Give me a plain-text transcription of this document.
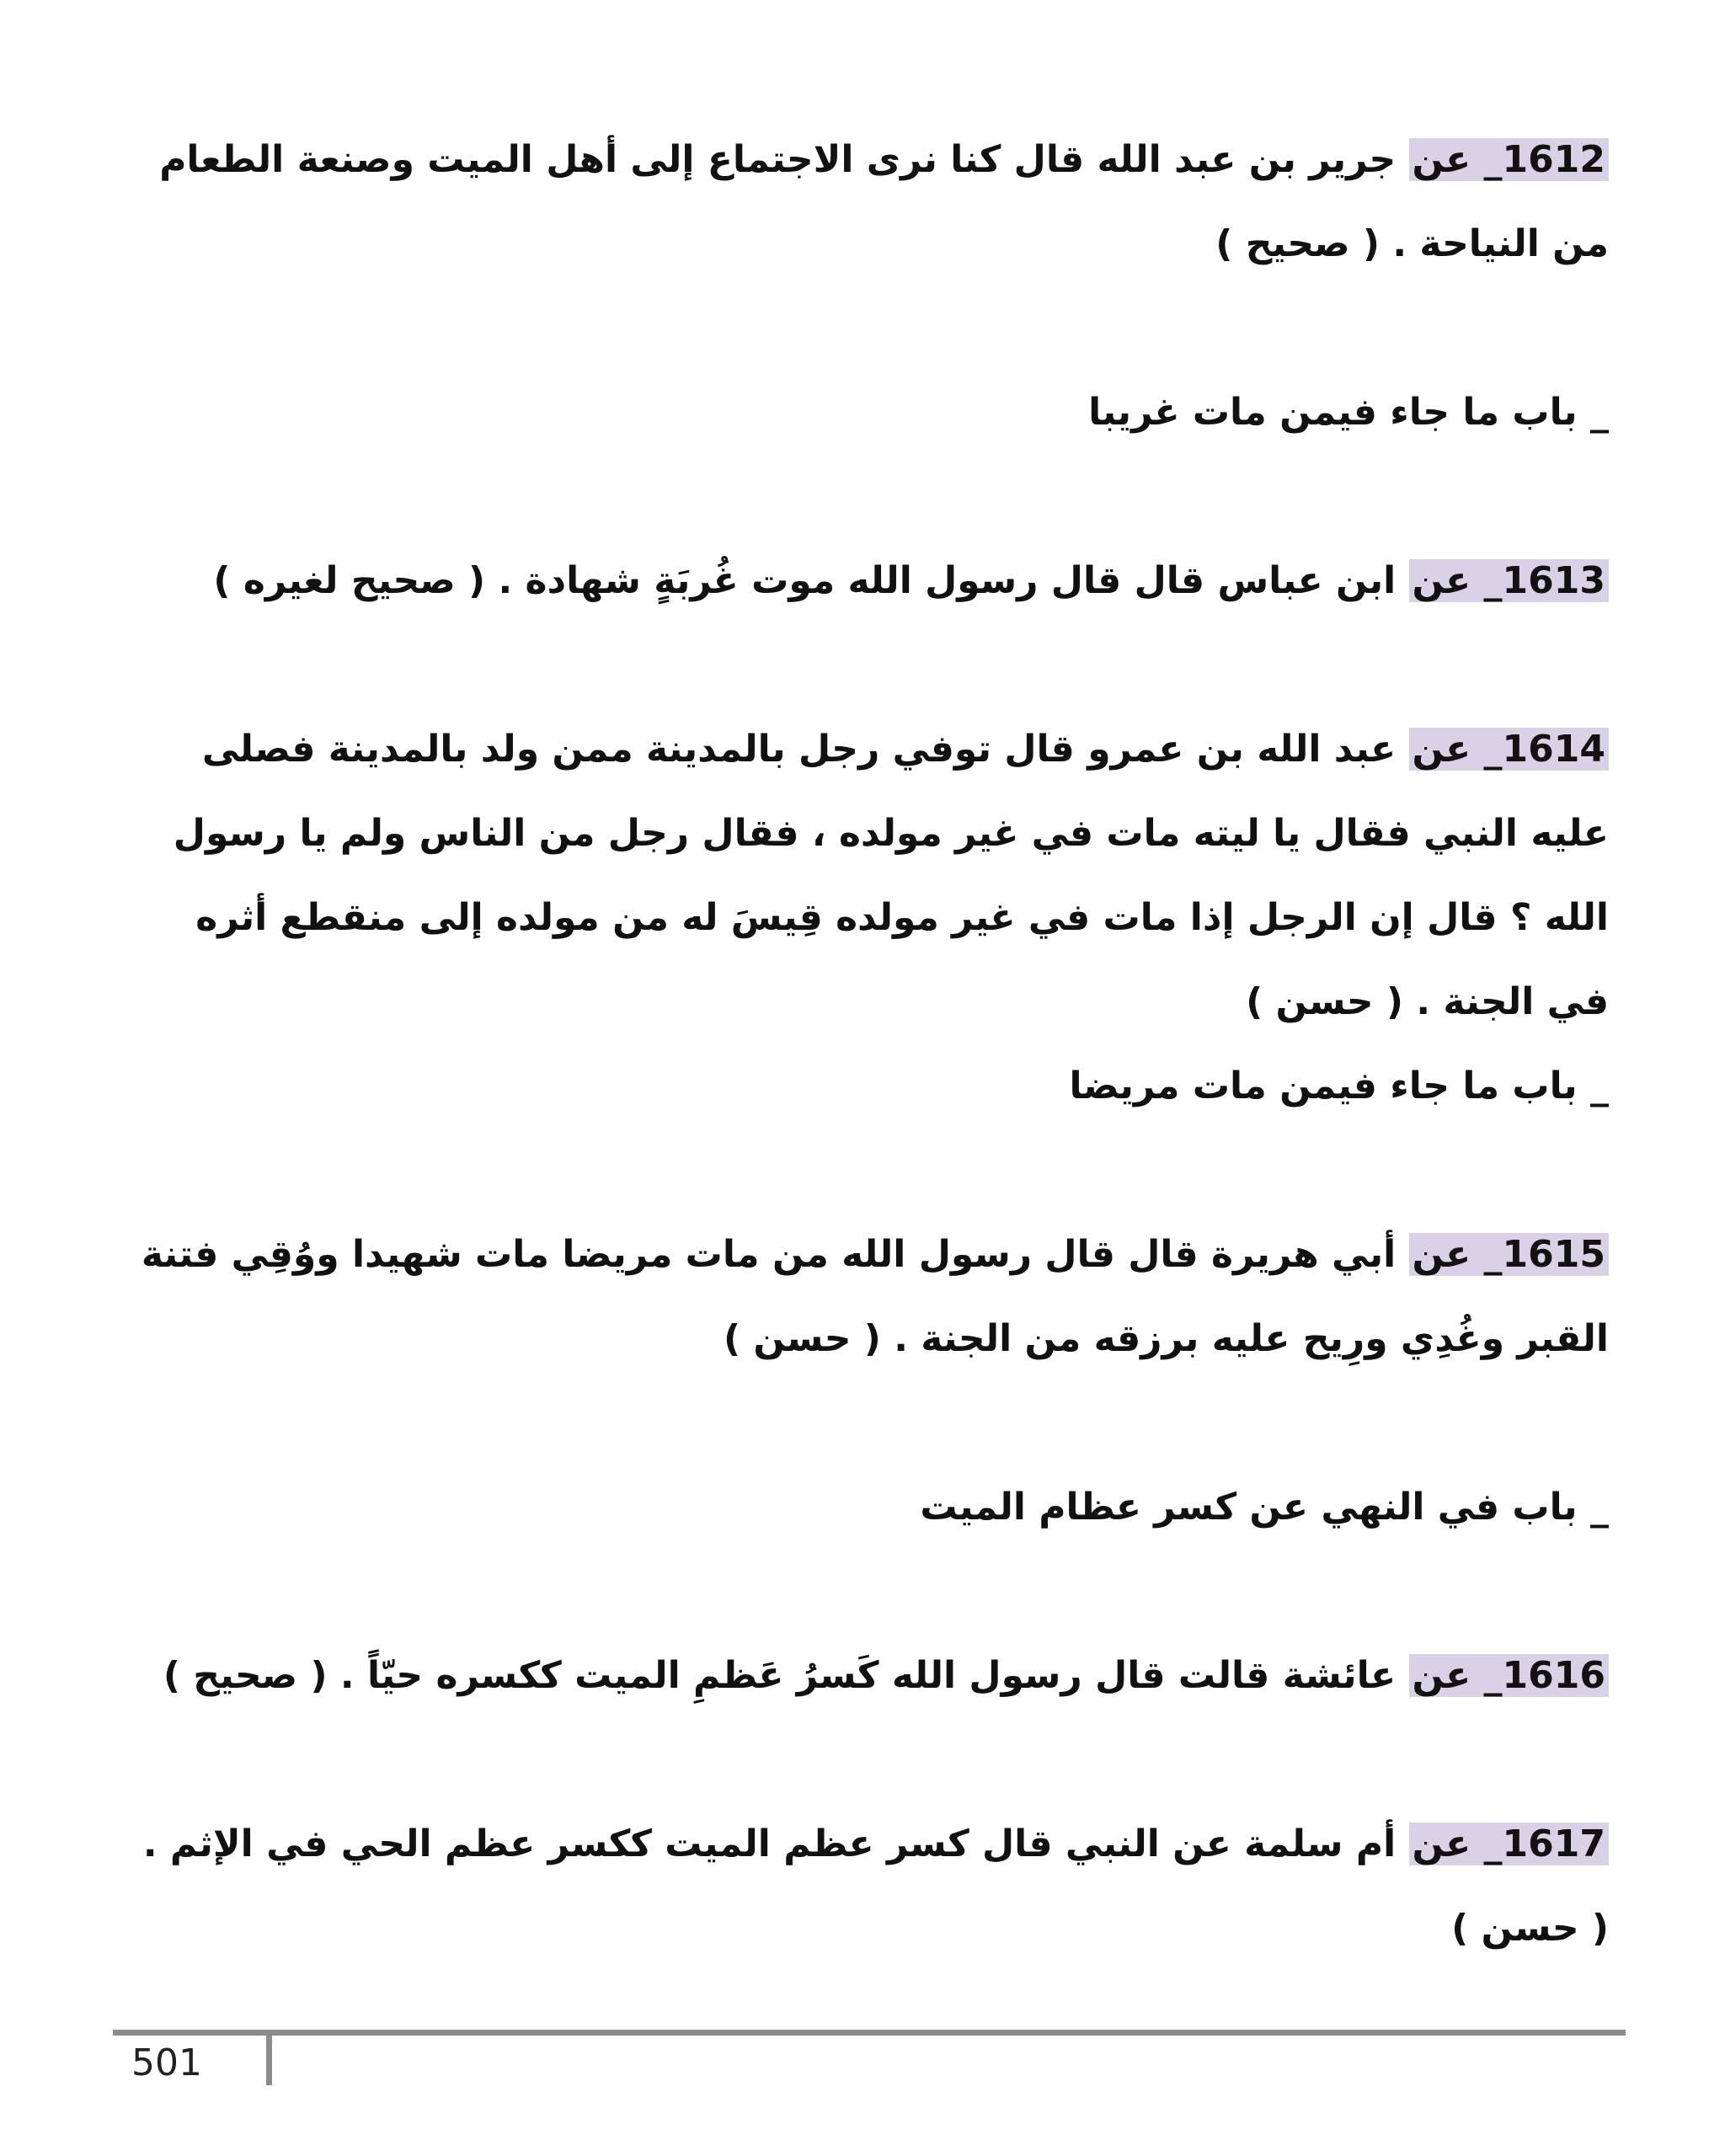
1612_ عن جرير بن عبد الله قال كنا نرى الاجتماع إلى أهل الميت وصنعة الطعام من النياحة . ( صحيح )
_ باب ما جاء فيمن مات غريبا
1613_ عن ابن عباس قال قال رسول الله موت غُربَةٍ شهادة . ( صحيح لغيره )
1614_ عن عبد الله بن عمرو قال توفي رجل بالمدينة ممن ولد بالمدينة فصلى عليه النبي فقال يا ليته مات في غير مولده ، فقال رجل من الناس ولم يا رسول الله ؟ قال إن الرجل إذا مات في غير مولده قِيسَ له من مولده إلى منقطع أثره في الجنة . ( حسن )
_ باب ما جاء فيمن مات مريضا
1615_ عن أبي هريرة قال قال رسول الله من مات مريضا مات شهيدا ووُقِي فتنة القبر وغُدِي ورِيح عليه برزقه من الجنة . ( حسن )
_ باب في النهي عن كسر عظام الميت
1616_ عن عائشة قالت قال رسول الله كَسرُ عَظمِ الميت ككسره حيّاً . ( صحيح )
1617_ عن أم سلمة عن النبي قال كسر عظم الميت ككسر عظم الحي في الإثم . ( حسن )
501
